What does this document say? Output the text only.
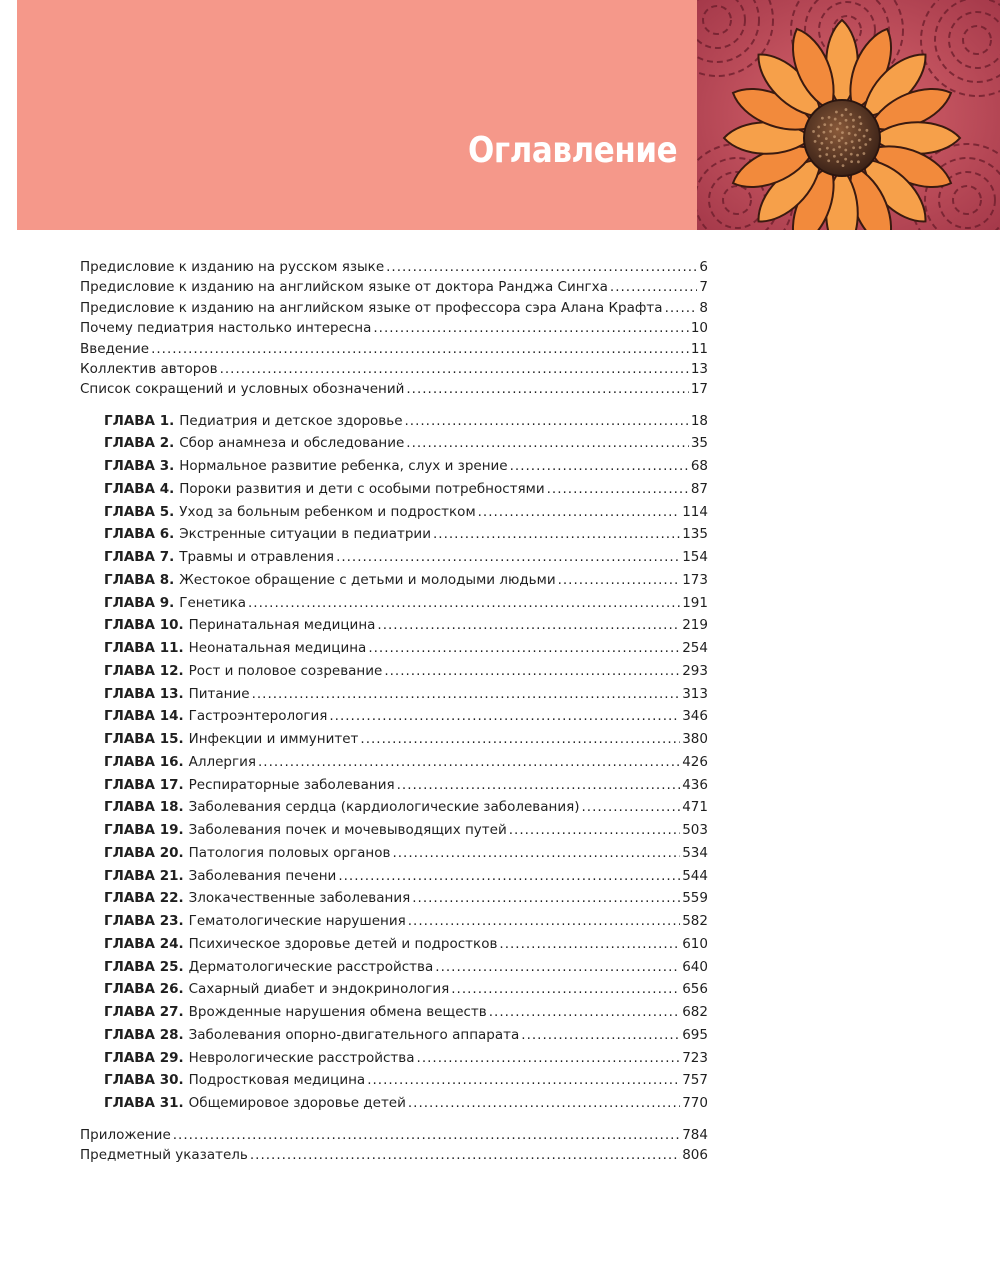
Оглавление
Предисловие к изданию на русском языке .....	6
Предисловие к изданию на английском языке от доктора Ранджа Сингха .....	7
Предисловие к изданию на английском языке от профессора сэра Алана Крафта .....	8
Почему педиатрия настолько интересна .....	10
Введение .....	11
Коллектив авторов .....	13
Список сокращений и условных обозначений .....	17
ГЛАВА 1. Педиатрия и детское здоровье .....	18
ГЛАВА 2. Сбор анамнеза и обследование .....	35
ГЛАВА 3. Нормальное развитие ребенка, слух и зрение .....	68
ГЛАВА 4. Пороки развития и дети с особыми потребностями .....	87
ГЛАВА 5. Уход за больным ребенком и подростком .....	114
ГЛАВА 6. Экстренные ситуации в педиатрии .....	135
ГЛАВА 7. Травмы и отравления .....	154
ГЛАВА 8. Жестокое обращение с детьми и молодыми людьми .....	173
ГЛАВА 9. Генетика .....	191
ГЛАВА 10. Перинатальная медицина .....	219
ГЛАВА 11. Неонатальная медицина .....	254
ГЛАВА 12. Рост и половое созревание .....	293
ГЛАВА 13. Питание .....	313
ГЛАВА 14. Гастроэнтерология .....	346
ГЛАВА 15. Инфекции и иммунитет .....	380
ГЛАВА 16. Аллергия .....	426
ГЛАВА 17. Респираторные заболевания .....	436
ГЛАВА 18. Заболевания сердца (кардиологические заболевания) .....	471
ГЛАВА 19. Заболевания почек и мочевыводящих путей .....	503
ГЛАВА 20. Патология половых органов .....	534
ГЛАВА 21. Заболевания печени .....	544
ГЛАВА 22. Злокачественные заболевания .....	559
ГЛАВА 23. Гематологические нарушения .....	582
ГЛАВА 24. Психическое здоровье детей и подростков .....	610
ГЛАВА 25. Дерматологические расстройства .....	640
ГЛАВА 26. Сахарный диабет и эндокринология .....	656
ГЛАВА 27. Врожденные нарушения обмена веществ .....	682
ГЛАВА 28. Заболевания опорно-двигательного аппарата .....	695
ГЛАВА 29. Неврологические расстройства .....	723
ГЛАВА 30. Подростковая медицина .....	757
ГЛАВА 31. Общемировое здоровье детей .....	770
Приложение .....	784
Предметный указатель .....	806
